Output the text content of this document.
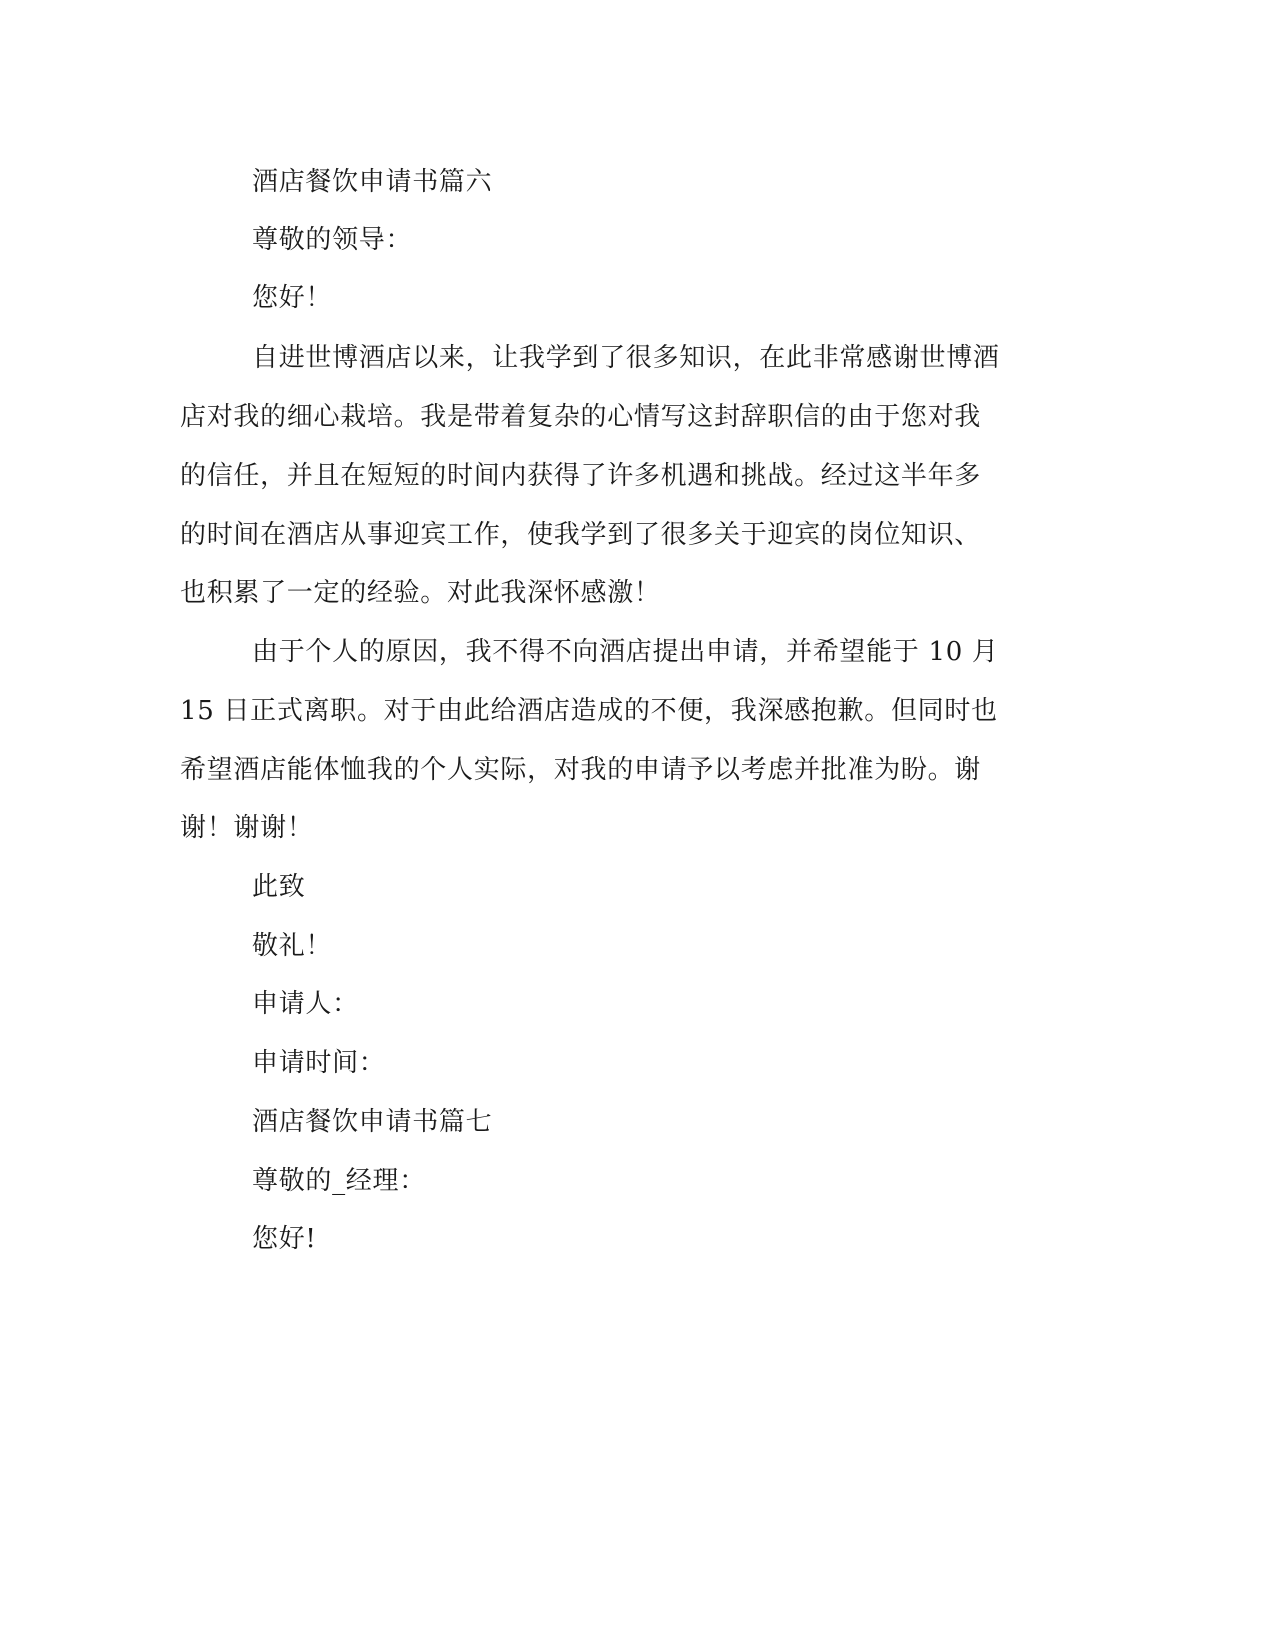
酒店餐饮申请书篇六
尊敬的领导：
您好！
自进世博酒店以来，让我学到了很多知识，在此非常感谢世博酒
店对我的细心栽培。我是带着复杂的心情写这封辞职信的由于您对我
的信任，并且在短短的时间内获得了许多机遇和挑战。经过这半年多
的时间在酒店从事迎宾工作，使我学到了很多关于迎宾的岗位知识、
也积累了一定的经验。对此我深怀感激！
由于个人的原因，我不得不向酒店提出申请，并希望能于 10 月
15 日正式离职。对于由此给酒店造成的不便，我深感抱歉。但同时也
希望酒店能体恤我的个人实际，对我的申请予以考虑并批准为盼。谢
谢！谢谢！
此致
敬礼！
申请人：
申请时间：
酒店餐饮申请书篇七
尊敬的_经理：
您好!
